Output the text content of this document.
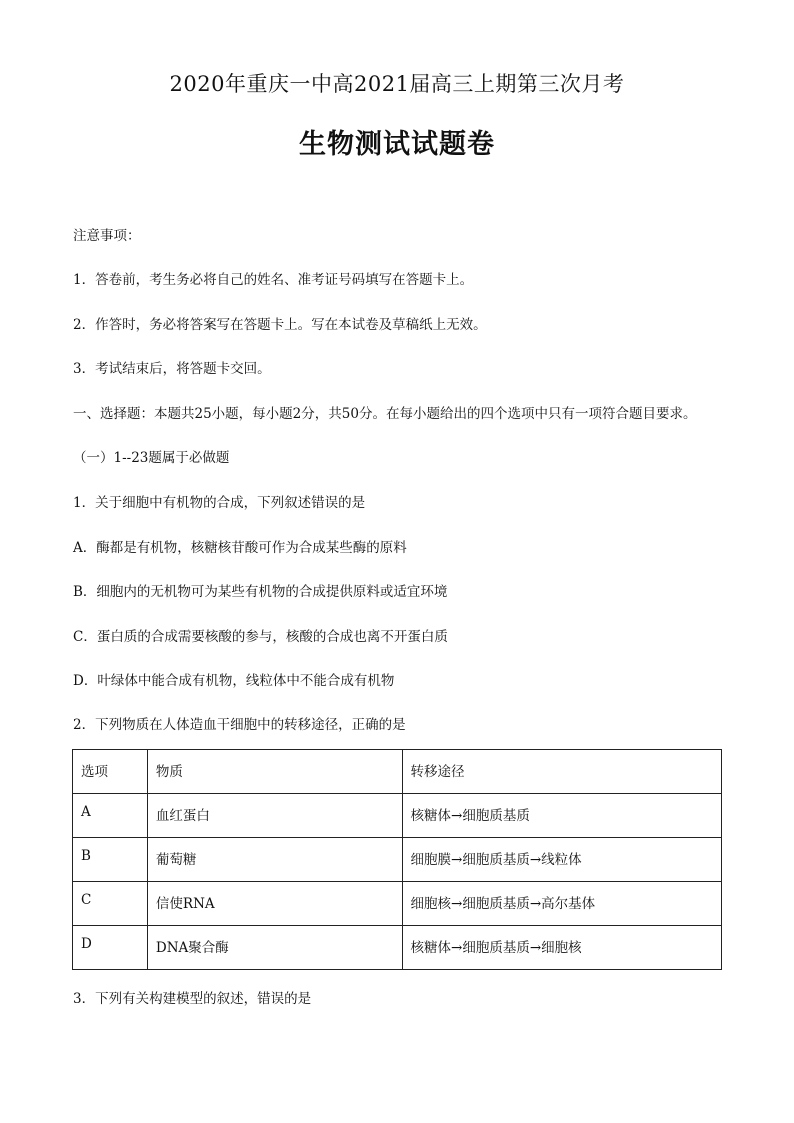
2020年重庆一中高2021届高三上期第三次月考
生物测试试题卷
注意事项：
1．答卷前，考生务必将自己的姓名、准考证号码填写在答题卡上。
2．作答时，务必将答案写在答题卡上。写在本试卷及草稿纸上无效。
3．考试结束后，将答题卡交回。
一、选择题：本题共25小题，每小题2分，共50分。在每小题给出的四个选项中只有一项符合题目要求。
（一）1--23题属于必做题
1．关于细胞中有机物的合成，下列叙述错误的是
A．酶都是有机物，核糖核苷酸可作为合成某些酶的原料
B．细胞内的无机物可为某些有机物的合成提供原料或适宜环境
C．蛋白质的合成需要核酸的参与，核酸的合成也离不开蛋白质
D．叶绿体中能合成有机物，线粒体中不能合成有机物
2．下列物质在人体造血干细胞中的转移途径，正确的是
选项	物质	转移途径
A	血红蛋白	核糖体→细胞质基质
B	葡萄糖	细胞膜→细胞质基质→线粒体
C	信使RNA	细胞核→细胞质基质→高尔基体
D	DNA聚合酶	核糖体→细胞质基质→细胞核
3．下列有关构建模型的叙述，错误的是
